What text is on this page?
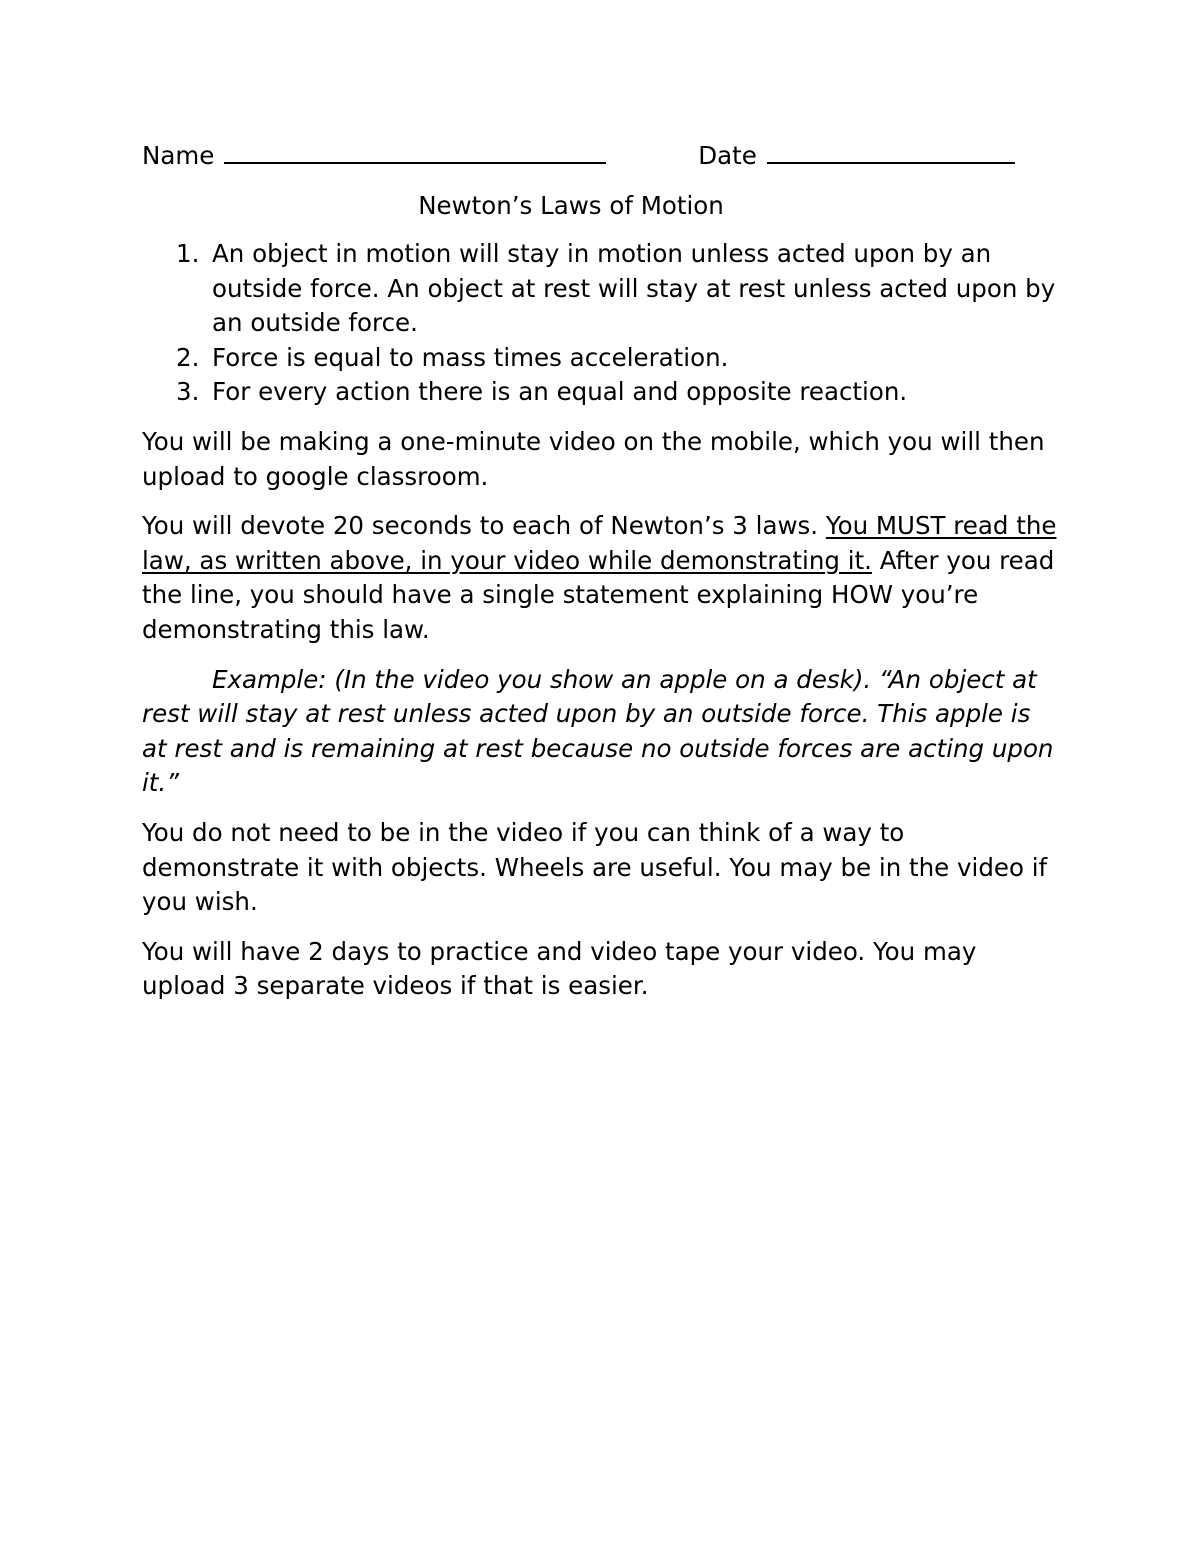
Name	Date
Newton’s Laws of Motion
1. An object in motion will stay in motion unless acted upon by an outside force. An object at rest will stay at rest unless acted upon by an outside force.
2. Force is equal to mass times acceleration.
3. For every action there is an equal and opposite reaction.

You will be making a one-minute video on the mobile, which you will then upload to google classroom.

You will devote 20 seconds to each of Newton’s 3 laws. You MUST read the law, as written above, in your video while demonstrating it. After you read the line, you should have a single statement explaining HOW you’re demonstrating this law.

Example: (In the video you show an apple on a desk). “An object at rest will stay at rest unless acted upon by an outside force. This apple is at rest and is remaining at rest because no outside forces are acting upon it.”

You do not need to be in the video if you can think of a way to demonstrate it with objects. Wheels are useful. You may be in the video if you wish.

You will have 2 days to practice and video tape your video. You may upload 3 separate videos if that is easier.
